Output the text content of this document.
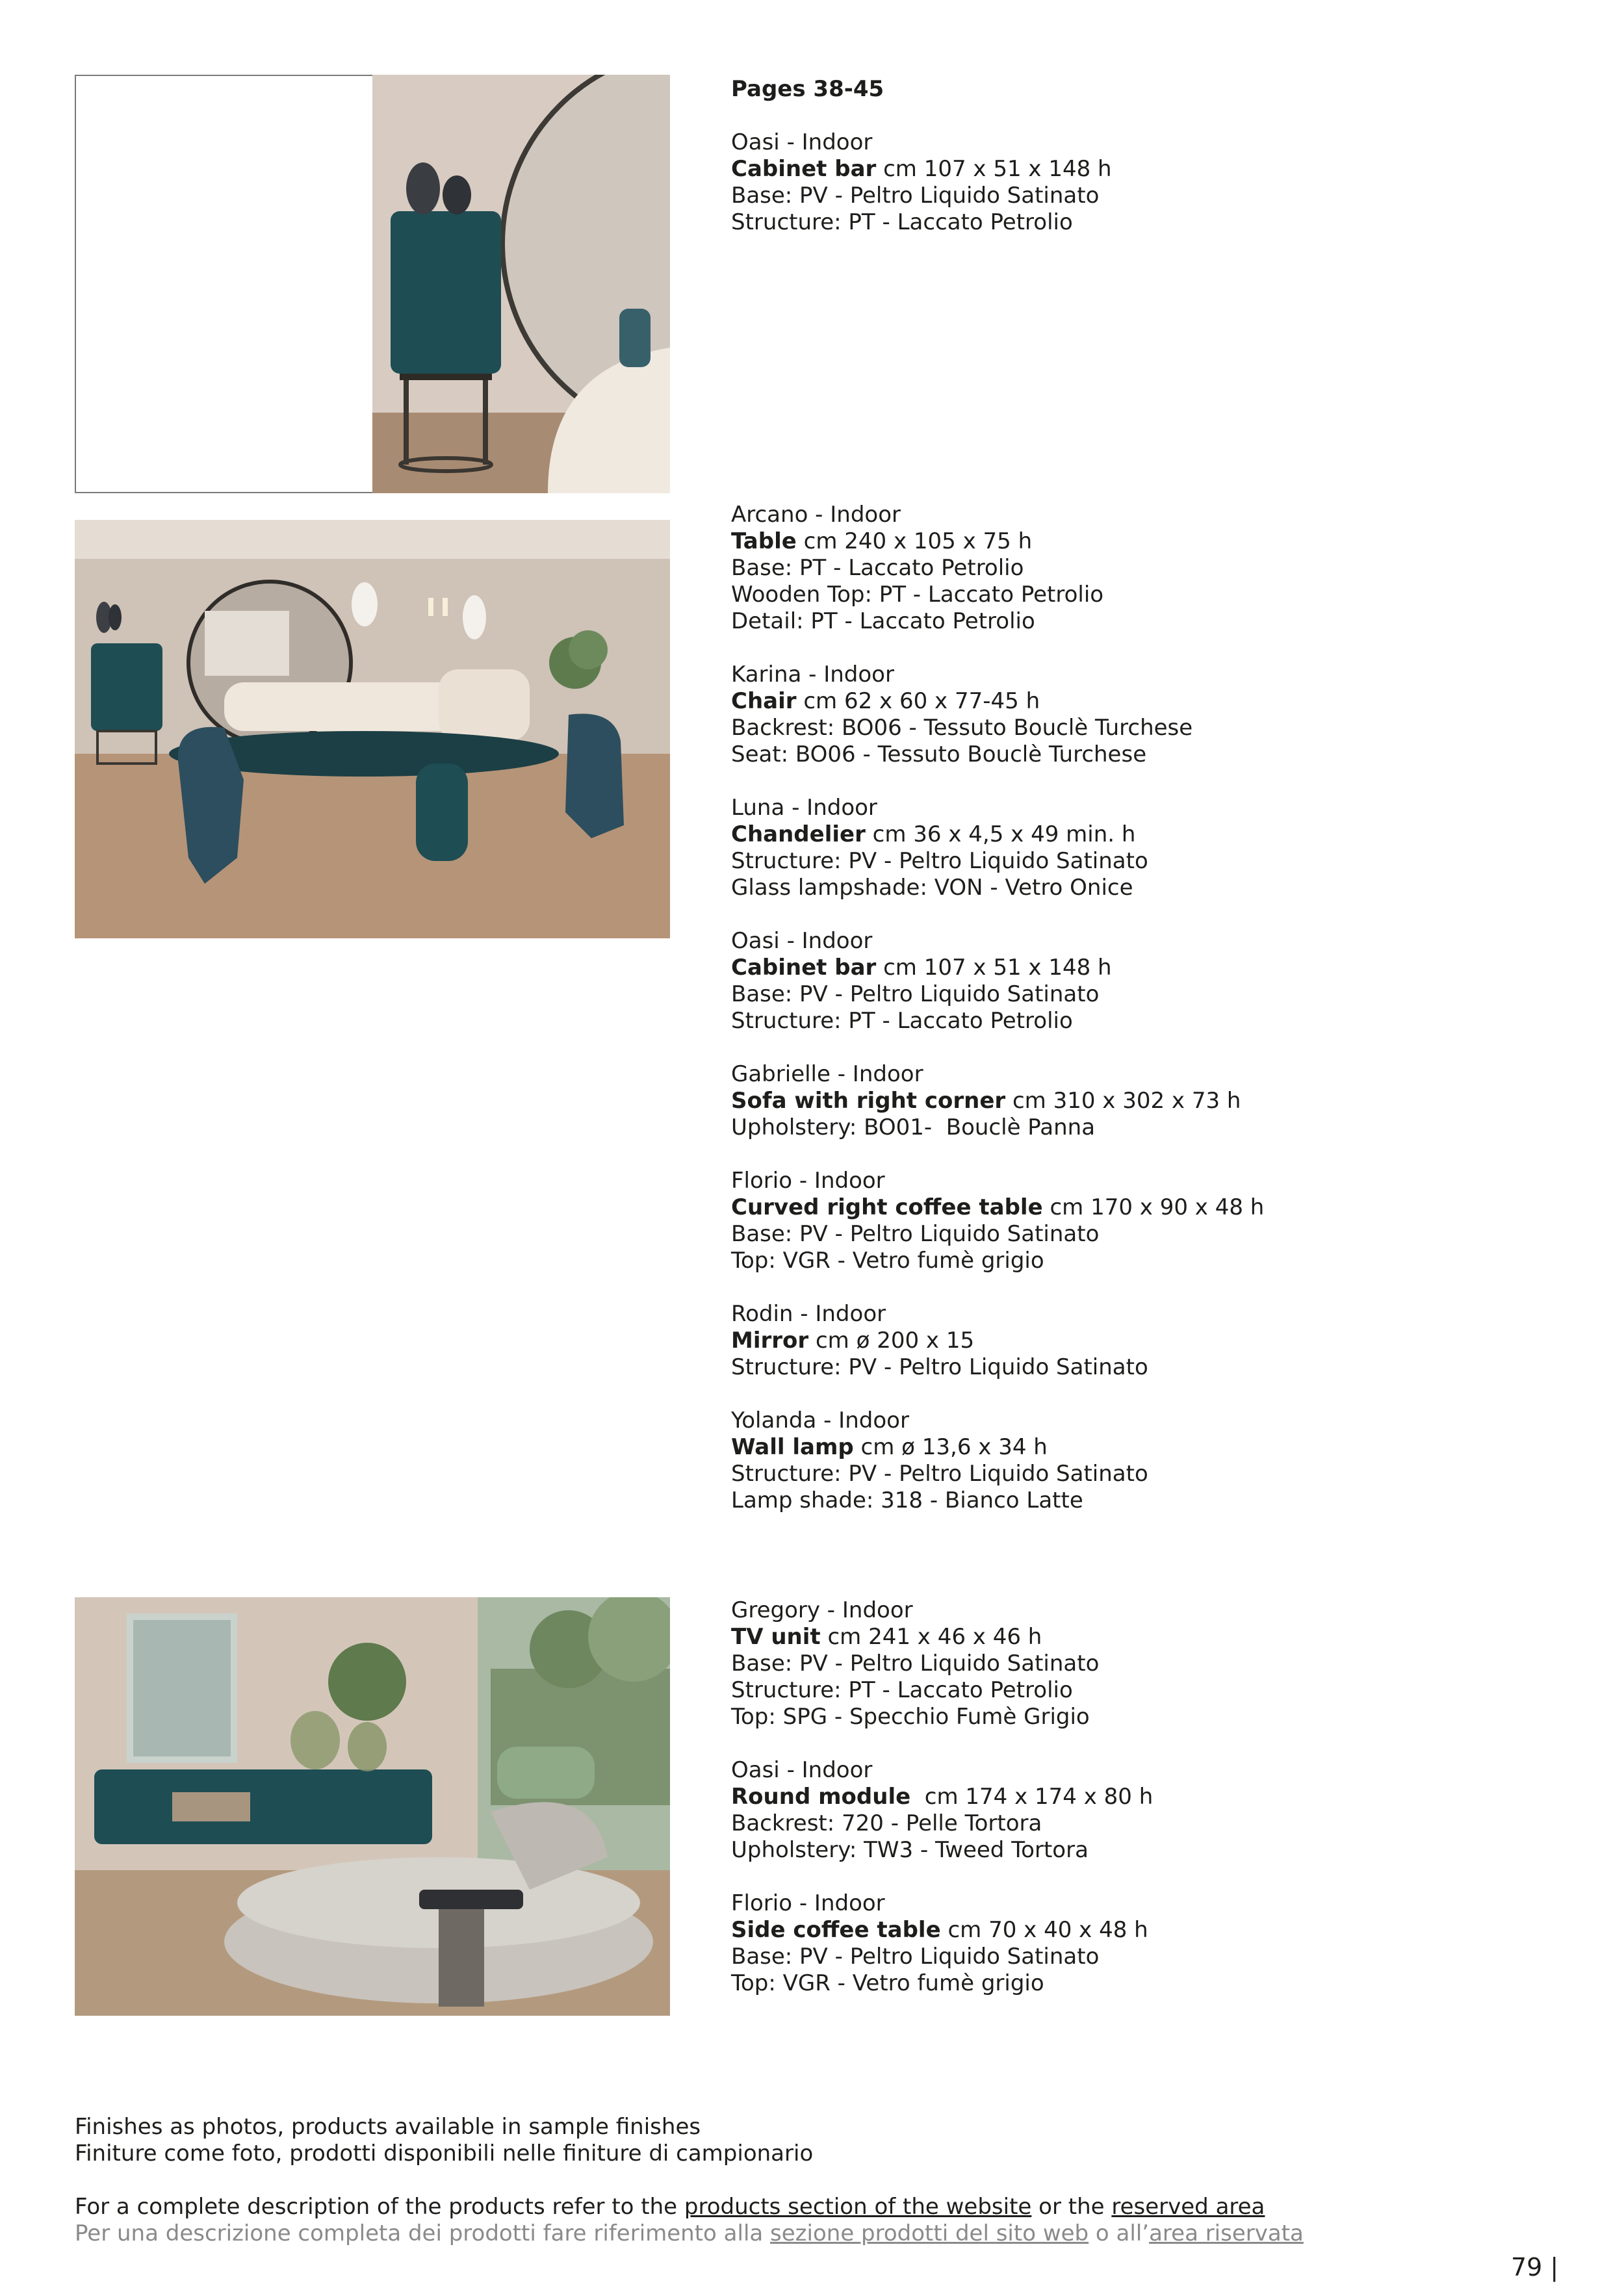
Pages 38-45

Oasi - Indoor

Cabinet bar cm 107 x 51 x 148 h

Base: PV - Peltro Liquido Satinato

Structure: PT - Laccato Petrolio

Arcano - Indoor

Table cm 240 x 105 x 75 h

Base: PT - Laccato Petrolio

Wooden Top: PT - Laccato Petrolio

Detail: PT - Laccato Petrolio

Karina - Indoor

Chair cm 62 x 60 x 77-45 h

Backrest: BO06 - Tessuto Bouclè Turchese

Seat: BO06 - Tessuto Bouclè Turchese

Luna - Indoor

Chandelier cm 36 x 4,5 x 49 min. h

Structure: PV - Peltro Liquido Satinato

Glass lampshade: VON - Vetro Onice

Oasi - Indoor

Cabinet bar cm 107 x 51 x 148 h

Base: PV - Peltro Liquido Satinato

Structure: PT - Laccato Petrolio

Gabrielle - Indoor

Sofa with right corner cm 310 x 302 x 73 h

Upholstery: BO01-  Bouclè Panna

Florio - Indoor

Curved right coffee table cm 170 x 90 x 48 h

Base: PV - Peltro Liquido Satinato

Top: VGR - Vetro fumè grigio

Rodin - Indoor

Mirror cm ø 200 x 15

Structure: PV - Peltro Liquido Satinato

Yolanda - Indoor

Wall lamp cm ø 13,6 x 34 h

Structure: PV - Peltro Liquido Satinato

Lamp shade: 318 - Bianco Latte

Gregory - Indoor

TV unit cm 241 x 46 x 46 h

Base: PV - Peltro Liquido Satinato

Structure: PT - Laccato Petrolio

Top: SPG - Specchio Fumè Grigio

Oasi - Indoor

Round module  cm 174 x 174 x 80 h

Backrest: 720 - Pelle Tortora

Upholstery: TW3 - Tweed Tortora

Florio - Indoor

Side coffee table cm 70 x 40 x 48 h

Base: PV - Peltro Liquido Satinato

Top: VGR - Vetro fumè grigio

Finishes as photos, products available in sample finishes

Finiture come foto, prodotti disponibili nelle finiture di campionario

For a complete description of the products refer to the products section of the website or the reserved area

Per una descrizione completa dei prodotti fare riferimento alla sezione prodotti del sito web o all’area riservata

79 |
